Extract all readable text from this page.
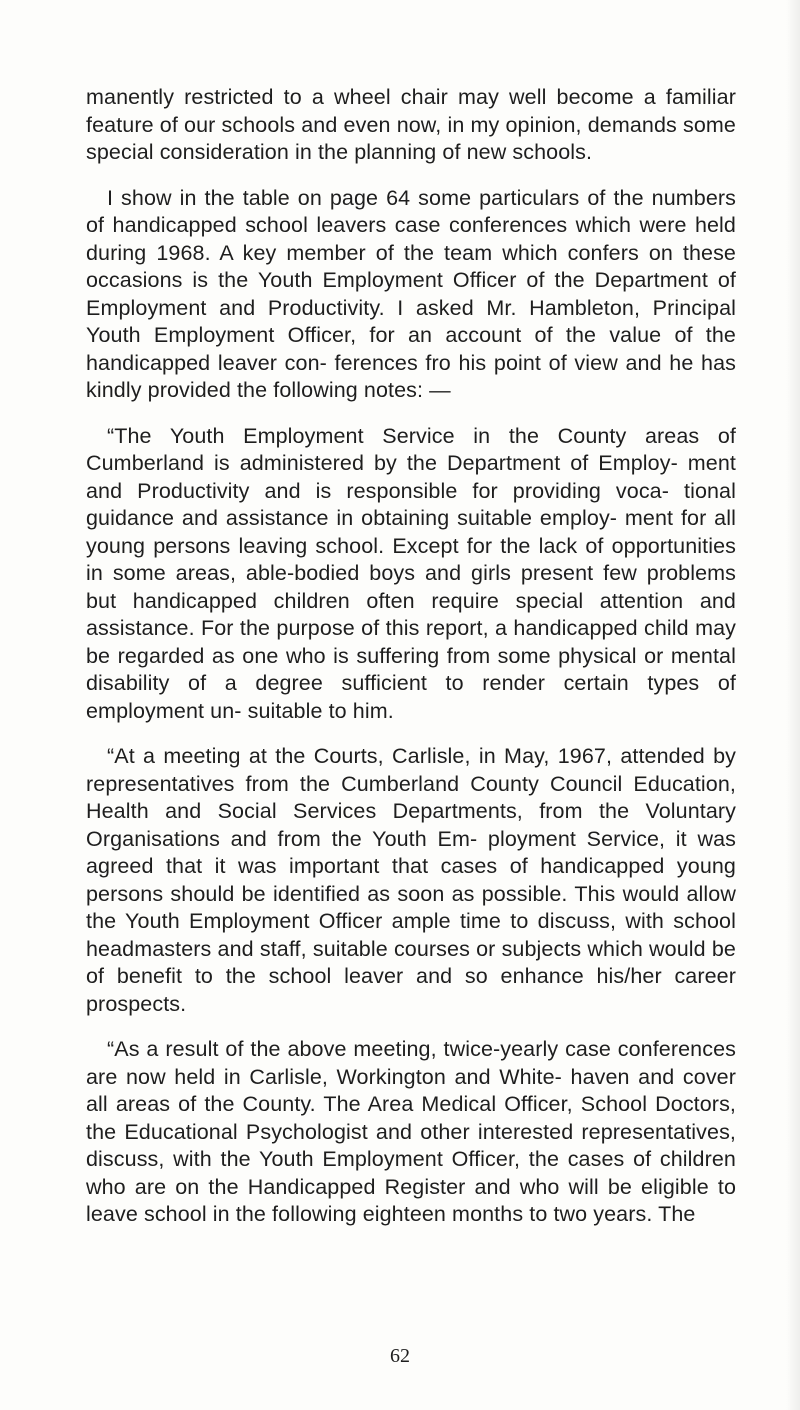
manently restricted to a wheel chair may well become a familiar feature of our schools and even now, in my opinion, demands some special consideration in the planning of new schools.

I show in the table on page 64 some particulars of the numbers of handicapped school leavers case conferences which were held during 1968. A key member of the team which confers on these occasions is the Youth Employment Officer of the Department of Employment and Productivity. I asked Mr. Hambleton, Principal Youth Employment Officer, for an account of the value of the handicapped leaver con- ferences fro his point of view and he has kindly provided the following notes: —

“The Youth Employment Service in the County areas of Cumberland is administered by the Department of Employ- ment and Productivity and is responsible for providing voca- tional guidance and assistance in obtaining suitable employ- ment for all young persons leaving school. Except for the lack of opportunities in some areas, able-bodied boys and girls present few problems but handicapped children often require special attention and assistance. For the purpose of this report, a handicapped child may be regarded as one who is suffering from some physical or mental disability of a degree sufficient to render certain types of employment un- suitable to him.

“At a meeting at the Courts, Carlisle, in May, 1967, attended by representatives from the Cumberland County Council Education, Health and Social Services Departments, from the Voluntary Organisations and from the Youth Em- ployment Service, it was agreed that it was important that cases of handicapped young persons should be identified as soon as possible. This would allow the Youth Employment Officer ample time to discuss, with school headmasters and staff, suitable courses or subjects which would be of benefit to the school leaver and so enhance his/her career prospects.

“As a result of the above meeting, twice-yearly case conferences are now held in Carlisle, Workington and White- haven and cover all areas of the County. The Area Medical Officer, School Doctors, the Educational Psychologist and other interested representatives, discuss, with the Youth Employment Officer, the cases of children who are on the Handicapped Register and who will be eligible to leave school in the following eighteen months to two years. The

62
